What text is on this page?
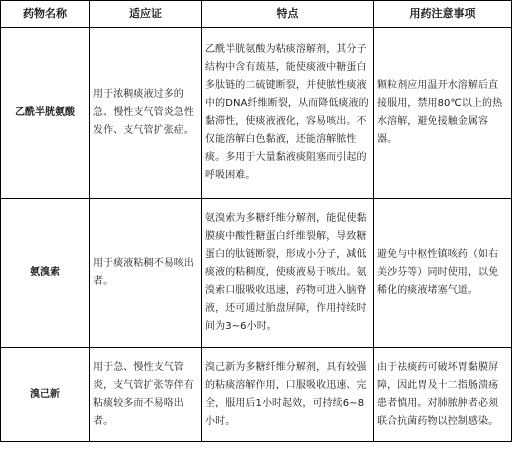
药物名称	适应证	特点	用药注意事项
乙酰半胱氨酸	用于浓稠痰液过多的急、慢性支气管炎急性发作、支气管扩张症。	乙酰半胱氨酸为粘痰溶解剂，其分子结构中含有巯基，能使痰液中糖蛋白多肽链的二硫键断裂，并使脓性痰液中的DNA纤维断裂，从而降低痰液的黏滞性，使痰液液化，容易咳出。不仅能溶解白色黏液，还能溶解脓性痰。多用于大量黏液痰阻塞而引起的呼吸困难。	颗粒剂应用温开水溶解后直接服用，禁用80℃以上的热水溶解，避免接触金属容器。
氨溴索	用于痰液粘稠不易咳出者。	氨溴索为多糖纤维分解剂，能促使黏膜痰中酸性糖蛋白纤维裂解，导致糖蛋白的肽链断裂，形成小分子，减低痰液的粘稠度，使痰液易于咳出。氨溴索口服吸收迅速，药物可进入脑脊液，还可通过胎盘屏障，作用持续时间为3~6小时。	避免与中枢性镇咳药（如右美沙芬等）同时使用，以免稀化的痰液堵塞气道。
溴己新	用于急、慢性支气管炎，支气管扩张等伴有粘痰较多而不易咯出者。	溴己新为多糖纤维分解剂，具有较强的粘痰溶解作用，口服吸收迅速、完全，服用后1小时起效，可持续6~8小时。	由于祛痰药可破坏胃黏膜屏障，因此胃及十二指肠溃疡患者慎用。对肺脓肿者必须联合抗菌药物以控制感染。
